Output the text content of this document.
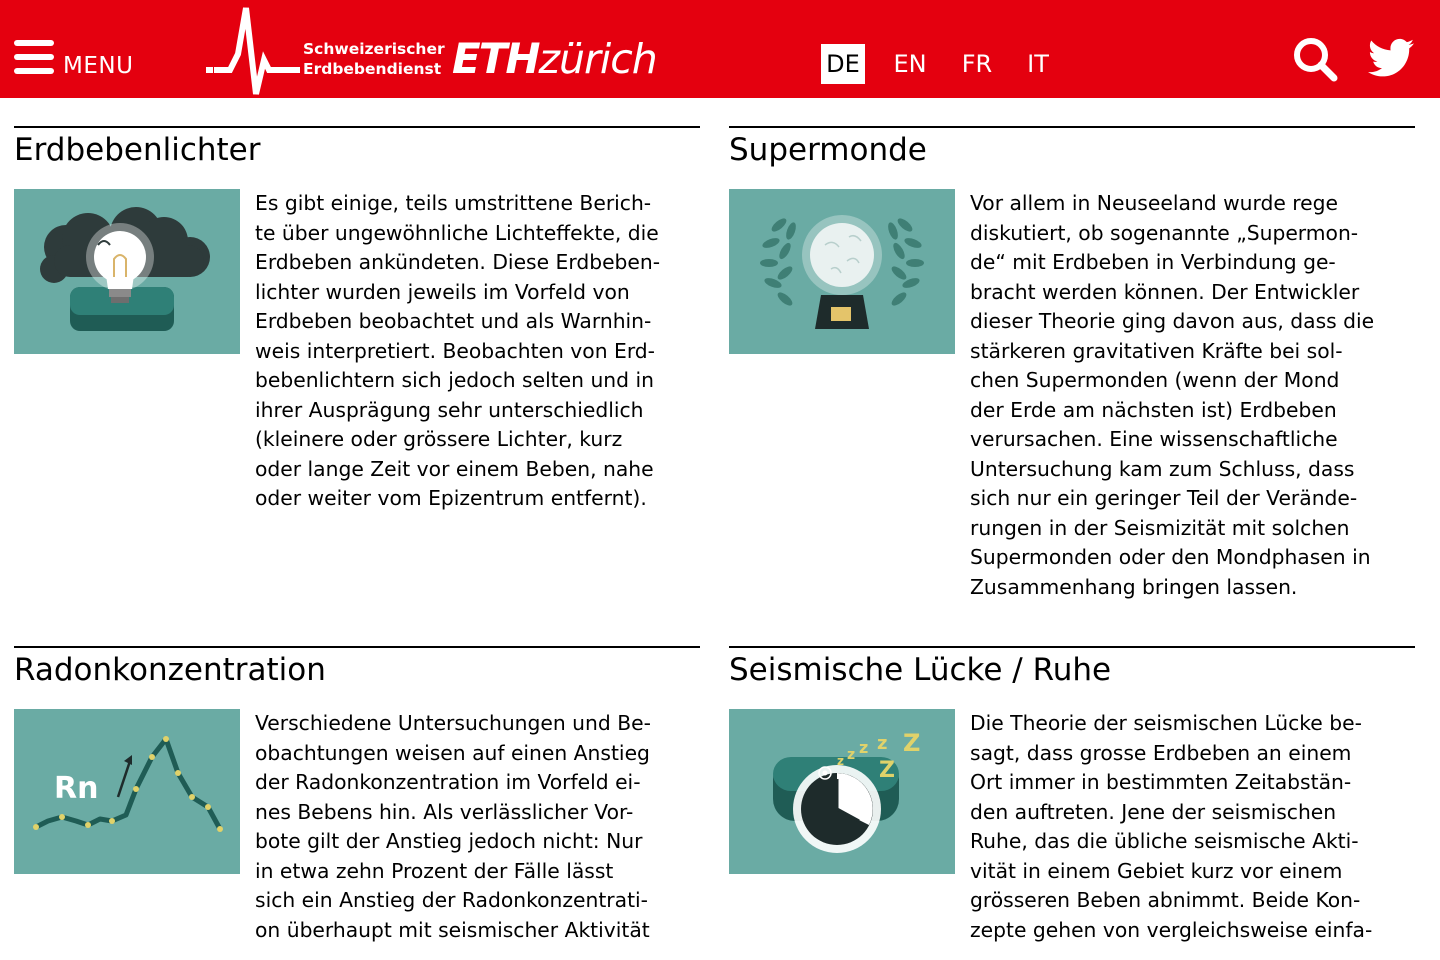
MENU
Schweizerischer
Erdbebendienst ETHzürich	DE EN FR	IT
Erdbebenlichter

Es gibt einige, teils umstrittene Berich-

te über ungewöhnliche Lichteffekte, die

Erdbeben ankündeten. Diese Erdbeben-

lichter wurden jeweils im Vorfeld von

Erdbeben beobachtet und als Warnhin-

weis interpretiert. Beobachten von Erd-

bebenlichtern sich jedoch selten und in

ihrer Ausprägung sehr unterschiedlich

(kleinere oder grössere Lichter, kurz

oder lange Zeit vor einem Beben, nahe

oder weiter vom Epizentrum entfernt).

Supermonde

Vor allem in Neuseeland wurde rege

diskutiert, ob sogenannte „Supermon-

de“ mit Erdbeben in Verbindung ge-

bracht werden können. Der Entwickler

dieser Theorie ging davon aus, dass die

stärkeren gravitativen Kräfte bei sol-

chen Supermonden (wenn der Mond

der Erde am nächsten ist) Erdbeben

verursachen. Eine wissenschaftliche

Untersuchung kam zum Schluss, dass

sich nur ein geringer Teil der Verände-

rungen in der Seismizität mit solchen

Supermonden oder den Mondphasen in

Zusammenhang bringen lassen.

Radonkonzentration
Rn

Verschiedene Untersuchungen und Be-

obachtungen weisen auf einen Anstieg

der Radonkonzentration im Vorfeld ei-

nes Bebens hin. Als verlässlicher Vor-

bote gilt der Anstieg jedoch nicht: Nur

in etwa zehn Prozent der Fälle lässt

sich ein Anstieg der Radonkonzentrati-

on überhaupt mit seismischer Aktivität

Seismische Lücke / Ruhe
z z z z
Z
Z

Die Theorie der seismischen Lücke be-

sagt, dass grosse Erdbeben an einem

Ort immer in bestimmten Zeitabstän-

den auftreten. Jene der seismischen

Ruhe, das die übliche seismische Akti-

vität in einem Gebiet kurz vor einem

grösseren Beben abnimmt. Beide Kon-

zepte gehen von vergleichsweise einfa-
